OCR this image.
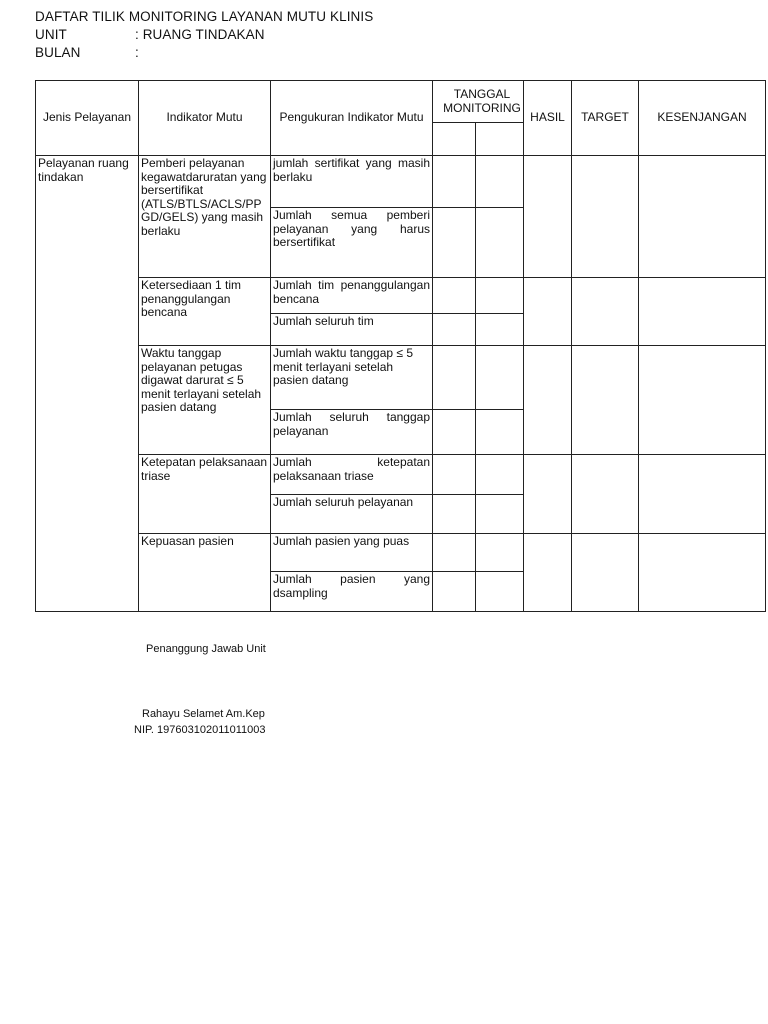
DAFTAR TILIK MONITORING LAYANAN MUTU KLINIS
UNIT	: RUANG TINDAKAN
BULAN	:
Jenis Pelayanan	Indikator Mutu	Pengukuran Indikator Mutu	TANGGAL MONITORING		HASIL	TARGET	KESENJANGAN

Pelayanan ruang tindakan	Pemberi pelayanan kegawatdaruratan yang bersertifikat (ATLS/BTLS/ACLS/PP GD/GELS) yang masih berlaku	jumlah sertifikat yang masih berlaku					

		Jumlah semua pemberi pelayanan yang harus bersertifikat					

	Ketersediaan 1 tim penanggulangan bencana	Jumlah tim penanggulangan bencana					

		Jumlah seluruh tim					

	Waktu tanggap pelayanan petugas digawat darurat ≤ 5 menit terlayani setelah pasien datang	Jumlah waktu tanggap ≤ 5 menit terlayani setelah pasien datang					

		Jumlah seluruh tanggap pelayanan					

	Ketepatan pelaksanaan triase	Jumlah ketepatan pelaksanaan triase					

		Jumlah seluruh pelayanan					

	Kepuasan pasien	Jumlah pasien yang puas					

		Jumlah pasien yang dsampling					

Penanggung Jawab Unit
Rahayu Selamet Am.Kep
NIP. 197603102011011003
